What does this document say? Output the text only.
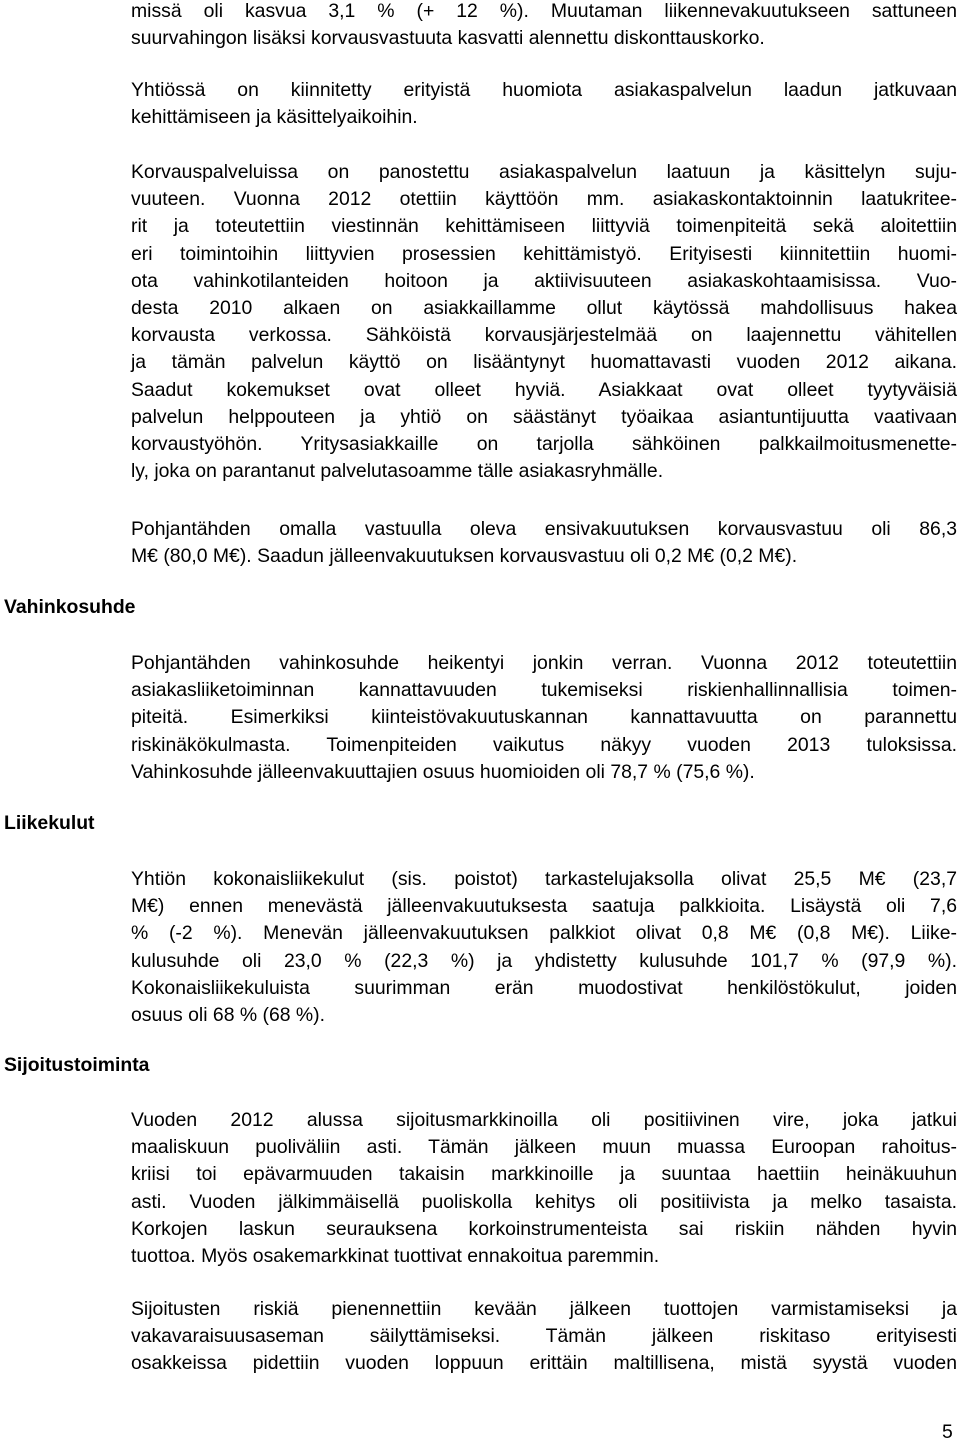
Vahinkosuhde
Liikekulut
Sijoitustoiminta
missä oli kasvua 3,1 % (+ 12 %). Muutaman liikennevakuutukseen sattuneen
suurvahingon lisäksi korvausvastuuta kasvatti alennettu diskonttauskorko.
Yhtiössä on kiinnitetty erityistä huomiota asiakaspalvelun laadun jatkuvaan
kehittämiseen ja käsittelyaikoihin.
Korvauspalveluissa on panostettu asiakaspalvelun laatuun ja käsittelyn suju-
vuuteen. Vuonna 2012 otettiin käyttöön mm. asiakaskontaktoinnin laatukritee-
rit ja toteutettiin viestinnän kehittämiseen liittyviä toimenpiteitä sekä aloitettiin
eri toimintoihin liittyvien prosessien kehittämistyö. Erityisesti kiinnitettiin huomi-
ota vahinkotilanteiden hoitoon ja aktiivisuuteen asiakaskohtaamisissa. Vuo-
desta 2010 alkaen on asiakkaillamme ollut käytössä mahdollisuus hakea
korvausta verkossa. Sähköistä korvausjärjestelmää on laajennettu vähitellen
ja tämän palvelun käyttö on lisääntynyt huomattavasti vuoden 2012 aikana.
Saadut kokemukset ovat olleet hyviä. Asiakkaat ovat olleet tyytyväisiä
palvelun helppouteen ja yhtiö on säästänyt työaikaa asiantuntijuutta vaativaan
korvaustyöhön. Yritysasiakkaille on tarjolla sähköinen palkkailmoitusmenette-
ly, joka on parantanut palvelutasoamme tälle asiakasryhmälle.
Pohjantähden omalla vastuulla oleva ensivakuutuksen korvausvastuu oli 86,3
M€ (80,0 M€). Saadun jälleenvakuutuksen korvausvastuu oli 0,2 M€ (0,2 M€).
Pohjantähden vahinkosuhde heikentyi jonkin verran. Vuonna 2012 toteutettiin
asiakasliiketoiminnan kannattavuuden tukemiseksi riskienhallinnallisia toimen-
piteitä. Esimerkiksi kiinteistövakuutuskannan kannattavuutta on parannettu
riskinäkökulmasta. Toimenpiteiden vaikutus näkyy vuoden 2013 tuloksissa.
Vahinkosuhde jälleenvakuuttajien osuus huomioiden oli 78,7 % (75,6 %).
Yhtiön kokonaisliikekulut (sis. poistot) tarkastelujaksolla olivat 25,5 M€ (23,7
M€) ennen menevästä jälleenvakuutuksesta saatuja palkkioita. Lisäystä oli 7,6
% (-2 %). Menevän jälleenvakuutuksen palkkiot olivat 0,8 M€ (0,8 M€). Liike-
kulusuhde oli 23,0 % (22,3 %) ja yhdistetty kulusuhde 101,7 % (97,9 %).
Kokonaisliikekuluista suurimman erän muodostivat henkilöstökulut, joiden
osuus oli 68 % (68 %).
Vuoden 2012 alussa sijoitusmarkkinoilla oli positiivinen vire, joka jatkui
maaliskuun puoliväliin asti. Tämän jälkeen muun muassa Euroopan rahoitus-
kriisi toi epävarmuuden takaisin markkinoille ja suuntaa haettiin heinäkuuhun
asti. Vuoden jälkimmäisellä puoliskolla kehitys oli positiivista ja melko tasaista.
Korkojen laskun seurauksena korkoinstrumenteista sai riskiin nähden hyvin
tuottoa. Myös osakemarkkinat tuottivat ennakoitua paremmin.
Sijoitusten riskiä pienennettiin kevään jälkeen tuottojen varmistamiseksi ja
vakavaraisuusaseman säilyttämiseksi. Tämän jälkeen riskitaso erityisesti
osakkeissa pidettiin vuoden loppuun erittäin maltillisena, mistä syystä vuoden
5
